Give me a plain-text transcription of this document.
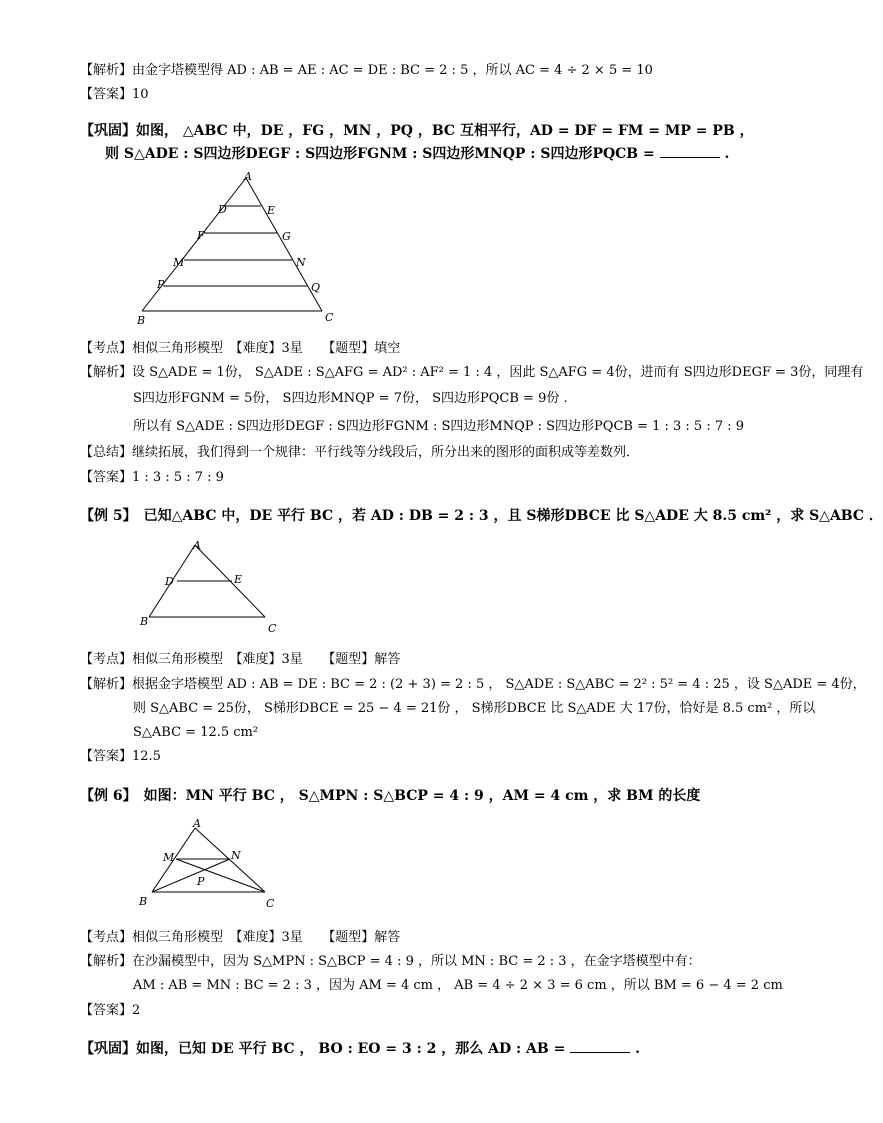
【解析】由金字塔模型得 AD : AB = AE : AC = DE : BC = 2 : 5 ，所以 AC = 4 ÷ 2 × 5 = 10
【答案】10
【巩固】如图， △ABC 中，DE ，FG ，MN ，PQ ，BC 互相平行，AD = DF = FM = MP = PB ，
则 S△ADE : S四边形DEGF : S四边形FGNM : S四边形MNQP : S四边形PQCB =	.
A
D	E
F	G
M	N
P	Q
B	C
【考点】相似三角形模型　【难度】3星　　【题型】填空
【解析】设 S△ADE = 1份， S△ADE : S△AFG = AD² : AF² = 1 : 4 ，因此 S△AFG = 4份，进而有 S四边形DEGF = 3份，同理有
S四边形FGNM = 5份， S四边形MNQP = 7份， S四边形PQCB = 9份 .
所以有 S△ADE : S四边形DEGF : S四边形FGNM : S四边形MNQP : S四边形PQCB = 1 : 3 : 5 : 7 : 9
【总结】继续拓展，我们得到一个规律：平行线等分线段后，所分出来的图形的面积成等差数列．
【答案】1 : 3 : 5 : 7 : 9
【例 5】　已知△ABC 中，DE 平行 BC ，若 AD : DB = 2 : 3 ，且 S梯形DBCE 比 S△ADE 大 8.5 cm² ，求 S△ABC ．
A
D	E
B
C
【考点】相似三角形模型　【难度】3星　　【题型】解答
【解析】根据金字塔模型 AD : AB = DE : BC = 2 : (2 + 3) = 2 : 5 ， S△ADE : S△ABC = 2² : 5² = 4 : 25 ，设 S△ADE = 4份，
则 S△ABC = 25份， S梯形DBCE = 25 − 4 = 21份 ， S梯形DBCE 比 S△ADE 大 17份，恰好是 8.5 cm² ，所以
S△ABC = 12.5 cm²
【答案】12.5
【例 6】　如图：MN 平行 BC ， S△MPN : S△BCP = 4 : 9 ，AM = 4 cm ，求 BM 的长度
A
M	N
P
B	C
【考点】相似三角形模型　【难度】3星　　【题型】解答
【解析】在沙漏模型中，因为 S△MPN : S△BCP = 4 : 9 ，所以 MN : BC = 2 : 3 ，在金字塔模型中有：
AM : AB = MN : BC = 2 : 3 ，因为 AM = 4 cm ， AB = 4 ÷ 2 × 3 = 6 cm ，所以 BM = 6 − 4 = 2 cm
【答案】2
【巩固】如图，已知 DE 平行 BC ， BO : EO = 3 : 2 ，那么 AD : AB =	.
